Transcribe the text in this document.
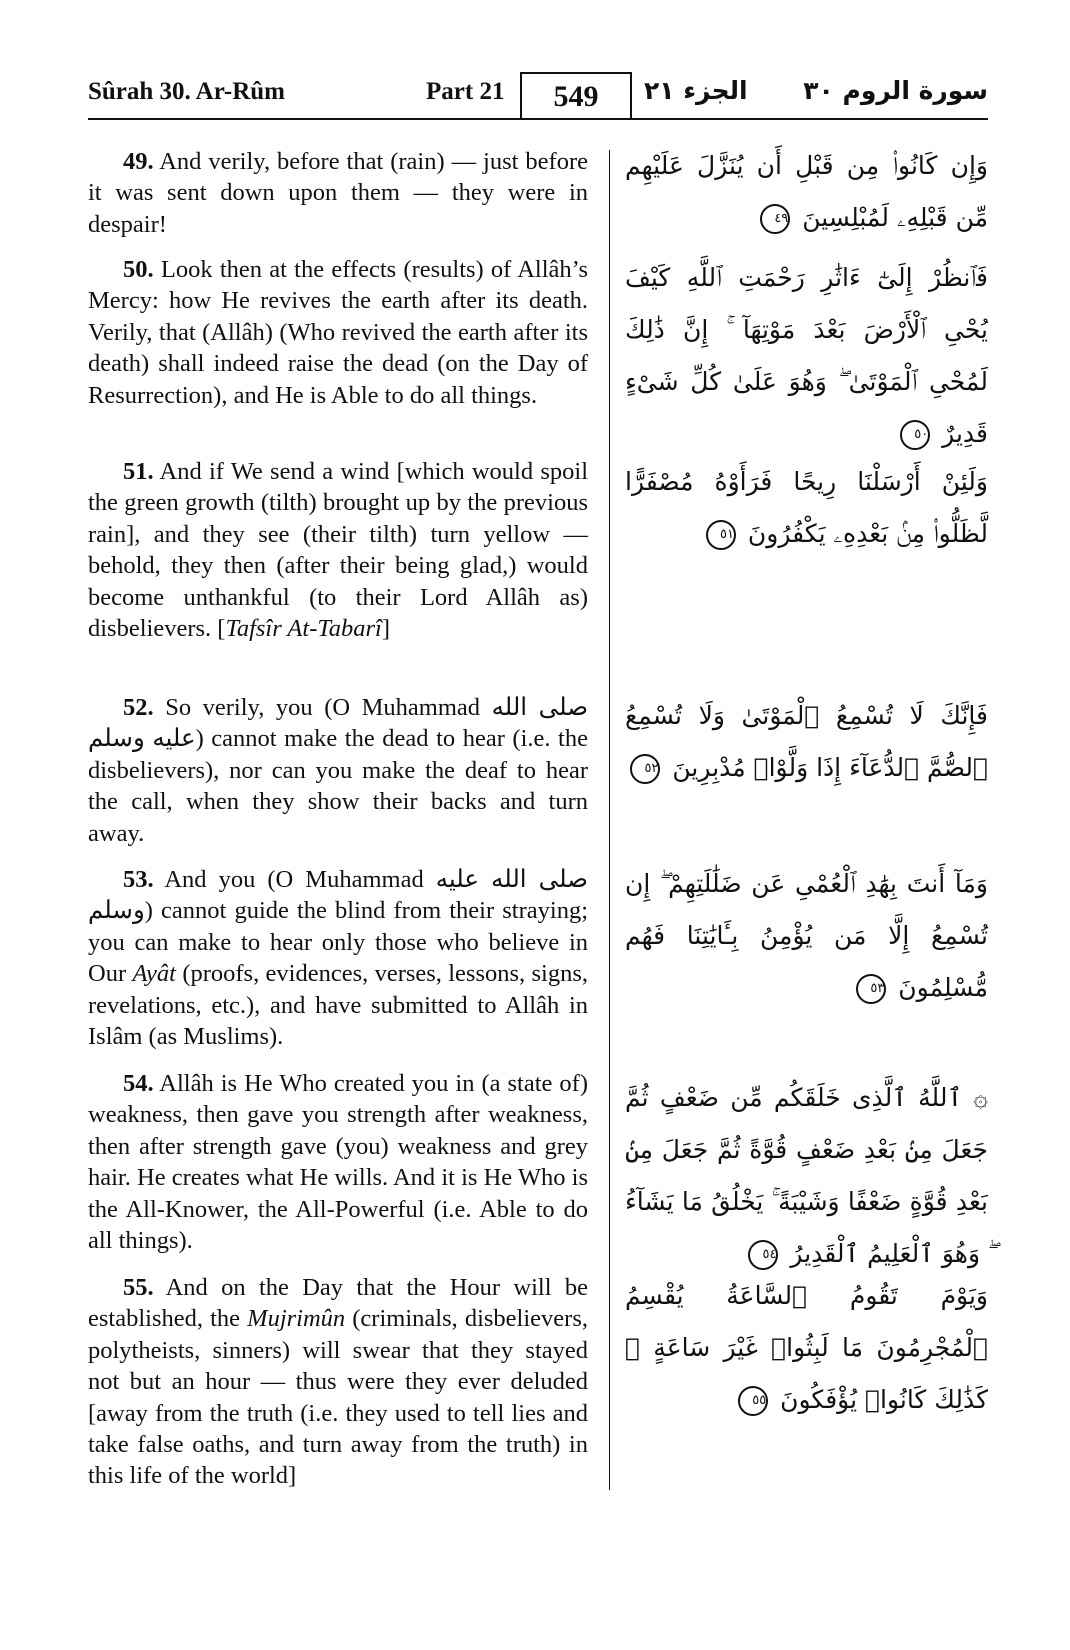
Sûrah 30. Ar-Rûm	Part 21	549	الجزء ٢١ سورة الروم ٣٠

49. And verily, before that (rain) — just before it was sent down upon them — they were in despair!

وَإِن كَانُوا۟ مِن قَبْلِ أَن يُنَزَّلَ عَلَيْهِم مِّن قَبْلِهِۦ لَمُبْلِسِينَ ٤٩

50. Look then at the effects (results) of Allâh’s Mercy: how He revives the earth after its death. Verily, that (Allâh) (Who revived the earth after its death) shall indeed raise the dead (on the Day of Resurrection), and He is Able to do all things.

فَٱنظُرْ إِلَىٰٓ ءَاثَٰرِ رَحْمَتِ ٱللَّهِ كَيْفَ يُحْىِ ٱلْأَرْضَ بَعْدَ مَوْتِهَآ ۚ إِنَّ ذَٰلِكَ لَمُحْىِ ٱلْمَوْتَىٰ ۖ وَهُوَ عَلَىٰ كُلِّ شَىْءٍ قَدِيرٌ ٥٠

51. And if We send a wind [which would spoil the green growth (tilth) brought up by the previous rain], and they see (their tilth) turn yellow — behold, they then (after their being glad,) would become unthankful (to their Lord Allâh as) disbelievers. [Tafsîr At-Tabarî]

وَلَئِنْ أَرْسَلْنَا رِيحًا فَرَأَوْهُ مُصْفَرًّا لَّظَلُّوا۟ مِنۢ بَعْدِهِۦ يَكْفُرُونَ ٥١

52. So verily, you (O Muhammad صلى الله عليه وسلم) cannot make the dead to hear (i.e. the disbelievers), nor can you make the deaf to hear the call, when they show their backs and turn away.

فَإِنَّكَ لَا تُسْمِعُ ٱلْمَوْتَىٰ وَلَا تُسْمِعُ ٱلصُّمَّ ٱلدُّعَآءَ إِذَا وَلَّوْا۟ مُدْبِرِينَ ٥٢

53. And you (O Muhammad صلى الله عليه وسلم) cannot guide the blind from their straying; you can make to hear only those who believe in Our Ayât (proofs, evidences, verses, lessons, signs, revelations, etc.), and have submitted to Allâh in Islâm (as Muslims).

وَمَآ أَنتَ بِهَٰدِ ٱلْعُمْىِ عَن ضَلَٰلَتِهِمْ ۖ إِن تُسْمِعُ إِلَّا مَن يُؤْمِنُ بِـَٔايَٰتِنَا فَهُم مُّسْلِمُونَ ٥٣

54. Allâh is He Who created you in (a state of) weakness, then gave you strength after weakness, then after strength gave (you) weakness and grey hair. He creates what He wills. And it is He Who is the All-Knower, the All-Powerful (i.e. Able to do all things).

۞ ٱللَّهُ ٱلَّذِى خَلَقَكُم مِّن ضَعْفٍ ثُمَّ جَعَلَ مِنۢ بَعْدِ ضَعْفٍ قُوَّةً ثُمَّ جَعَلَ مِنۢ بَعْدِ قُوَّةٍ ضَعْفًا وَشَيْبَةً ۚ يَخْلُقُ مَا يَشَآءُ ۖ وَهُوَ ٱلْعَلِيمُ ٱلْقَدِيرُ ٥٤

55. And on the Day that the Hour will be established, the Mujrimûn (criminals, disbelievers, polytheists, sinners) will swear that they stayed not but an hour — thus were they ever deluded [away from the truth (i.e. they used to tell lies and take false oaths, and turn away from the truth) in this life of the world]

وَيَوْمَ تَقُومُ ٱلسَّاعَةُ يُقْسِمُ ٱلْمُجْرِمُونَ مَا لَبِثُوا۟ غَيْرَ سَاعَةٍ ۚ كَذَٰلِكَ كَانُوا۟ يُؤْفَكُونَ ٥٥
